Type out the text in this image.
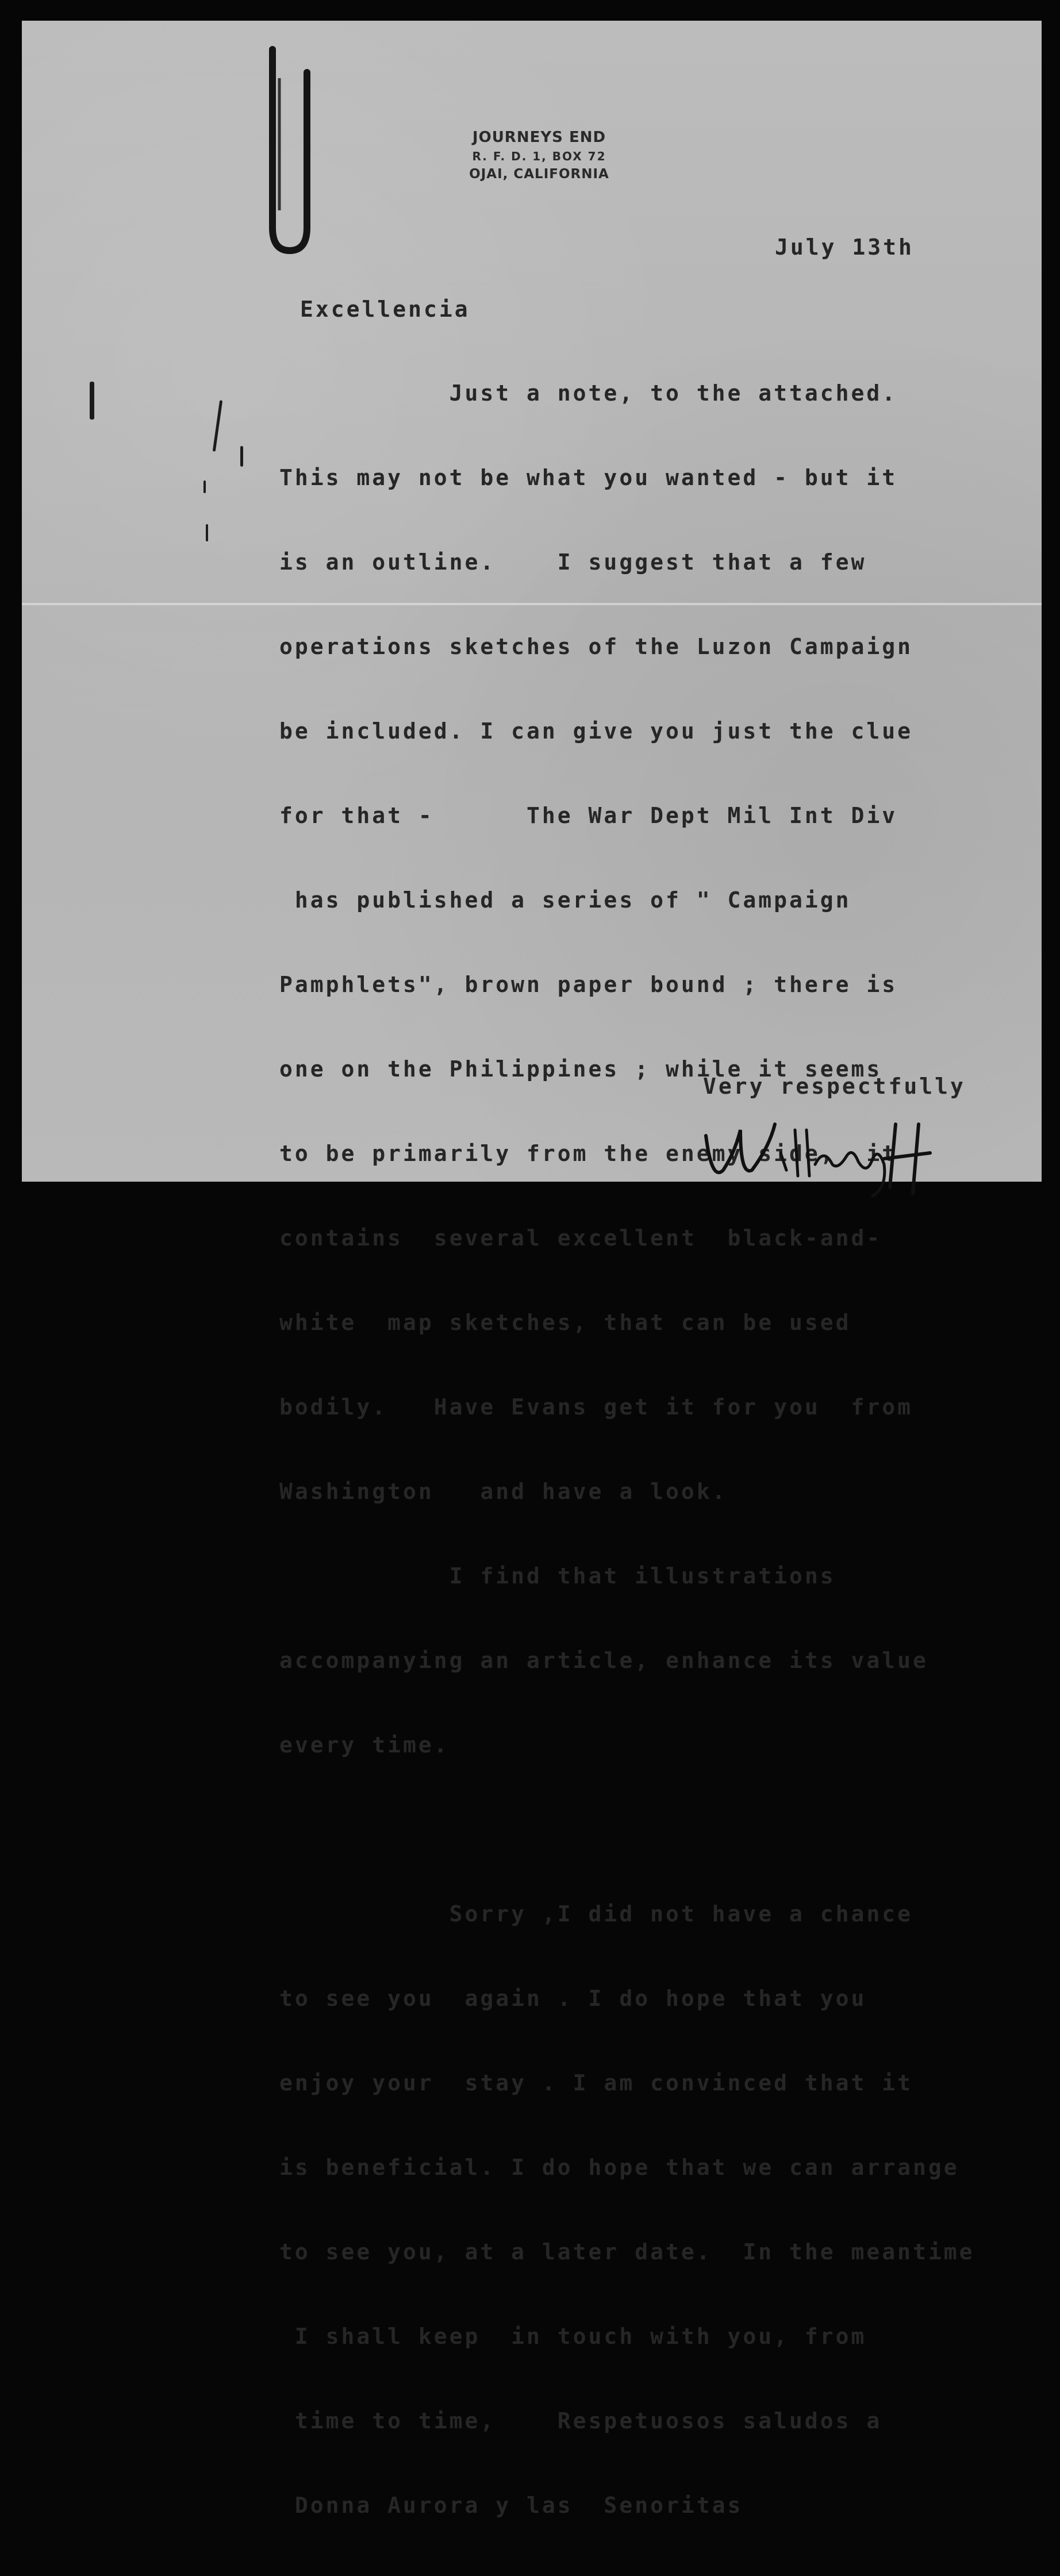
JOURNEYS END
R. F. D. 1, BOX 72
OJAI, CALIFORNIA
July 13th
Excellencia

Just a note, to the attached.

This may not be what you wanted - but it

is an outline.    I suggest that a few

operations sketches of the Luzon Campaign

be included. I can give you just the clue

for that -      The War Dept Mil Int Div

has published a series of " Campaign

Pamphlets", brown paper bound ; there is

one on the Philippines ; while it seems

to be primarily from the enemy side,  it

contains  several excellent  black-and-

white  map sketches, that can be used

bodily.   Have Evans get it for you  from

Washington   and have a look.

I find that illustrations

accompanying an article, enhance its value

every time.

Sorry ,I did not have a chance

to see you  again . I do hope that you

enjoy your  stay . I am convinced that it

is beneficial. I do hope that we can arrange

to see you, at a later date.  In the meantime

I shall keep  in touch with you, from

time to time,    Respetuosos saludos a

Donna Aurora y las  Senoritas

Very respectfully
